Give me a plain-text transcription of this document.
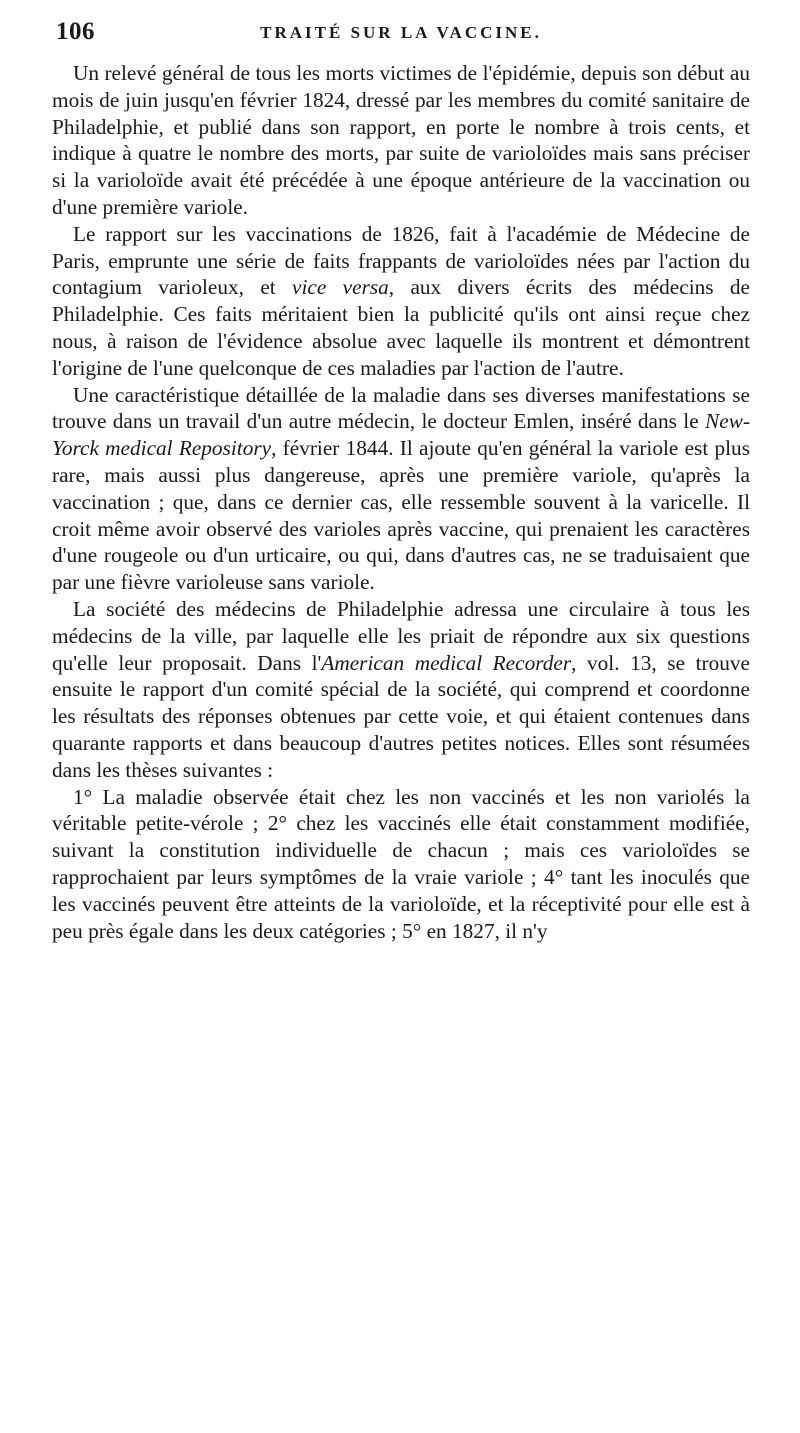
106	TRAITÉ SUR LA VACCINE.

Un relevé général de tous les morts victimes de l'épidémie, depuis son début au mois de juin jusqu'en février 1824, dressé par les membres du comité sanitaire de Philadelphie, et publié dans son rapport, en porte le nombre à trois cents, et indique à quatre le nombre des morts, par suite de varioloïdes mais sans préciser si la varioloïde avait été précédée à une époque antérieure de la vaccination ou d'une première variole.

Le rapport sur les vaccinations de 1826, fait à l'académie de Médecine de Paris, emprunte une série de faits frappants de varioloïdes nées par l'action du contagium varioleux, et vice versa, aux divers écrits des médecins de Philadelphie. Ces faits méritaient bien la publicité qu'ils ont ainsi reçue chez nous, à raison de l'évidence absolue avec laquelle ils montrent et démontrent l'origine de l'une quelconque de ces maladies par l'action de l'autre.

Une caractéristique détaillée de la maladie dans ses diverses manifestations se trouve dans un travail d'un autre médecin, le docteur Emlen, inséré dans le New-Yorck medical Repository, février 1844. Il ajoute qu'en général la variole est plus rare, mais aussi plus dangereuse, après une première variole, qu'après la vaccination ; que, dans ce dernier cas, elle ressemble souvent à la varicelle. Il croit même avoir observé des varioles après vaccine, qui prenaient les caractères d'une rougeole ou d'un urticaire, ou qui, dans d'autres cas, ne se traduisaient que par une fièvre varioleuse sans variole.

La société des médecins de Philadelphie adressa une circulaire à tous les médecins de la ville, par laquelle elle les priait de répondre aux six questions qu'elle leur proposait. Dans l'American medical Recorder, vol. 13, se trouve ensuite le rapport d'un comité spécial de la société, qui comprend et coordonne les résultats des réponses obtenues par cette voie, et qui étaient contenues dans quarante rapports et dans beaucoup d'autres petites notices. Elles sont résumées dans les thèses suivantes :

1° La maladie observée était chez les non vaccinés et les non variolés la véritable petite-vérole ; 2° chez les vaccinés elle était constamment modifiée, suivant la constitution individuelle de chacun ; mais ces varioloïdes se rapprochaient par leurs symptômes de la vraie variole ; 4° tant les inoculés que les vaccinés peuvent être atteints de la varioloïde, et la réceptivité pour elle est à peu près égale dans les deux catégories ; 5° en 1827, il n'y
